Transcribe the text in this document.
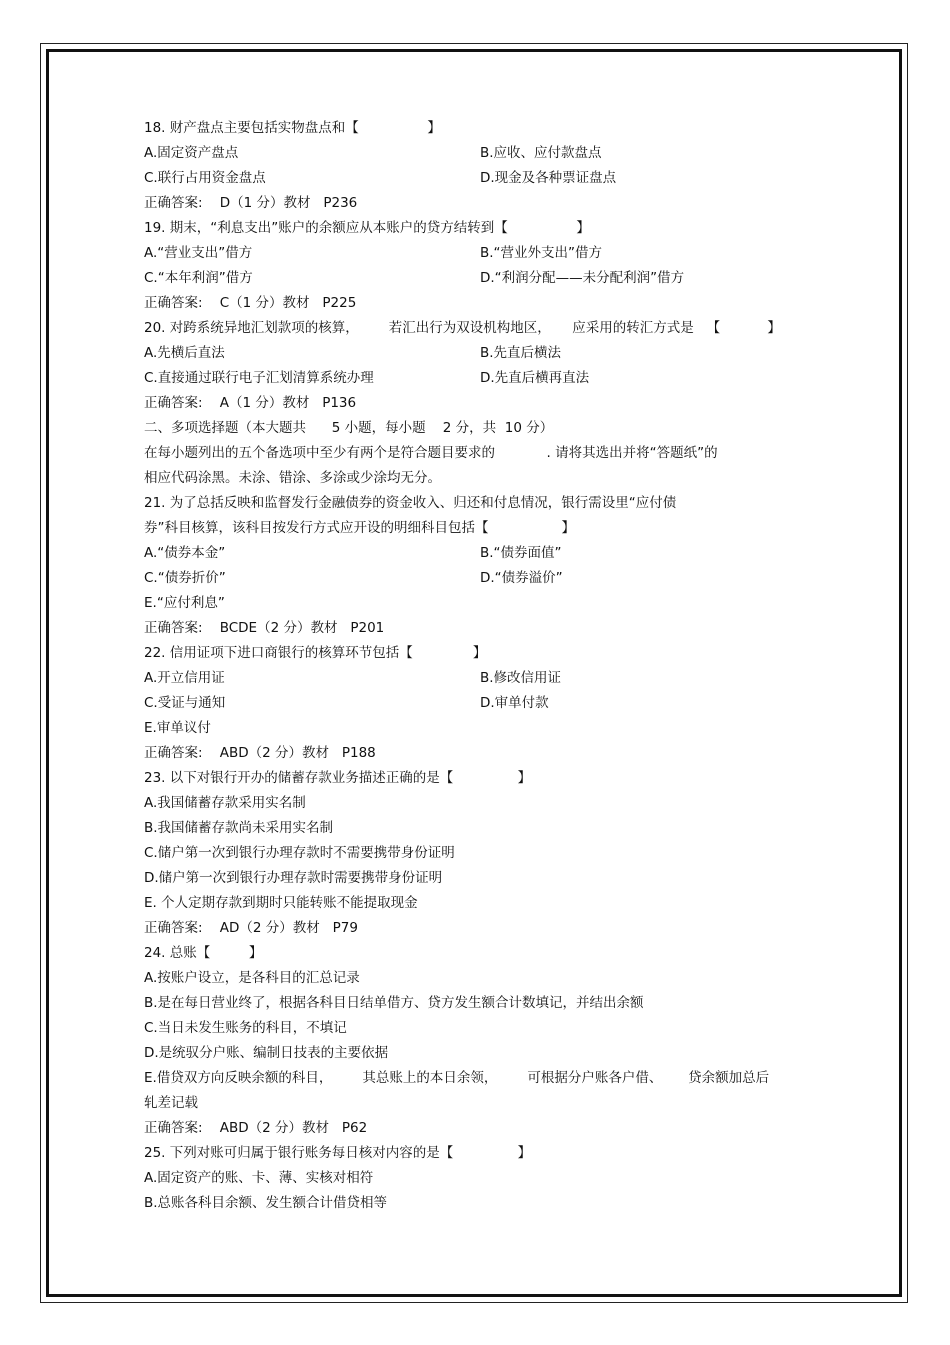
18. 财产盘点主要包括实物盘点和【                】
A.固定资产盘点	B.应收、应付款盘点
C.联行占用资金盘点	D.现金及各种票证盘点
正确答案:    D（1 分）教材   P236
19. 期末，“利息支出”账户的余额应从本账户的贷方结转到【                】
A.“营业支出”借方	B.“营业外支出”借方
C.“本年利润”借方	D.“利润分配——未分配利润”借方
正确答案:    C（1 分）教材   P225
20. 对跨系统异地汇划款项的核算，       若汇出行为双设机构地区，     应采用的转汇方式是   【           】
A.先横后直法	B.先直后横法
C.直接通过联行电子汇划清算系统办理	D.先直后横再直法
正确答案:    A（1 分）教材   P136
二、多项选择题（本大题共      5 小题，每小题    2 分，共  10 分）
在每小题列出的五个备选项中至少有两个是符合题目要求的            . 请将其选出并将“答题纸”的
相应代码涂黑。未涂、错涂、多涂或少涂均无分。
21. 为了总括反映和监督发行金融债券的资金收入、归还和付息情况，银行需设里“应付债
券”科目核算，该科目按发行方式应开设的明细科目包括【                 】
A.“债券本金”	B.“债券面值”
C.“债券折价”	D.“债券溢价”
E.“应付利息”
正确答案:    BCDE（2 分）教材   P201
22. 信用证项下进口商银行的核算环节包括【              】
A.开立信用证	B.修改信用证
C.受证与通知	D.审单付款
E.审单议付
正确答案:    ABD（2 分）教材   P188
23. 以下对银行开办的储蓄存款业务描述正确的是【               】
A.我国储蓄存款采用实名制
B.我国储蓄存款尚未采用实名制
C.储户第一次到银行办理存款时不需要携带身份证明
D.储户第一次到银行办理存款时需要携带身份证明
E. 个人定期存款到期时只能转账不能提取现金
正确答案:    AD（2 分）教材   P79
24. 总账【         】
A.按账户设立，是各科目的汇总记录
B.是在每日营业终了，根据各科目日结单借方、贷方发生额合计数填记，并结出余额
C.当日未发生账务的科目，不填记
D.是统驭分户账、编制日技表的主要依据
E.借贷双方向反映余额的科目，       其总账上的本日余领，       可根据分户账各户借、      贷余额加总后
轧差记载
正确答案:    ABD（2 分）教材   P62
25. 下列对账可归属于银行账务每日核对内容的是【               】
A.固定资产的账、卡、薄、实核对相符
B.总账各科目余额、发生额合计借贷相等
